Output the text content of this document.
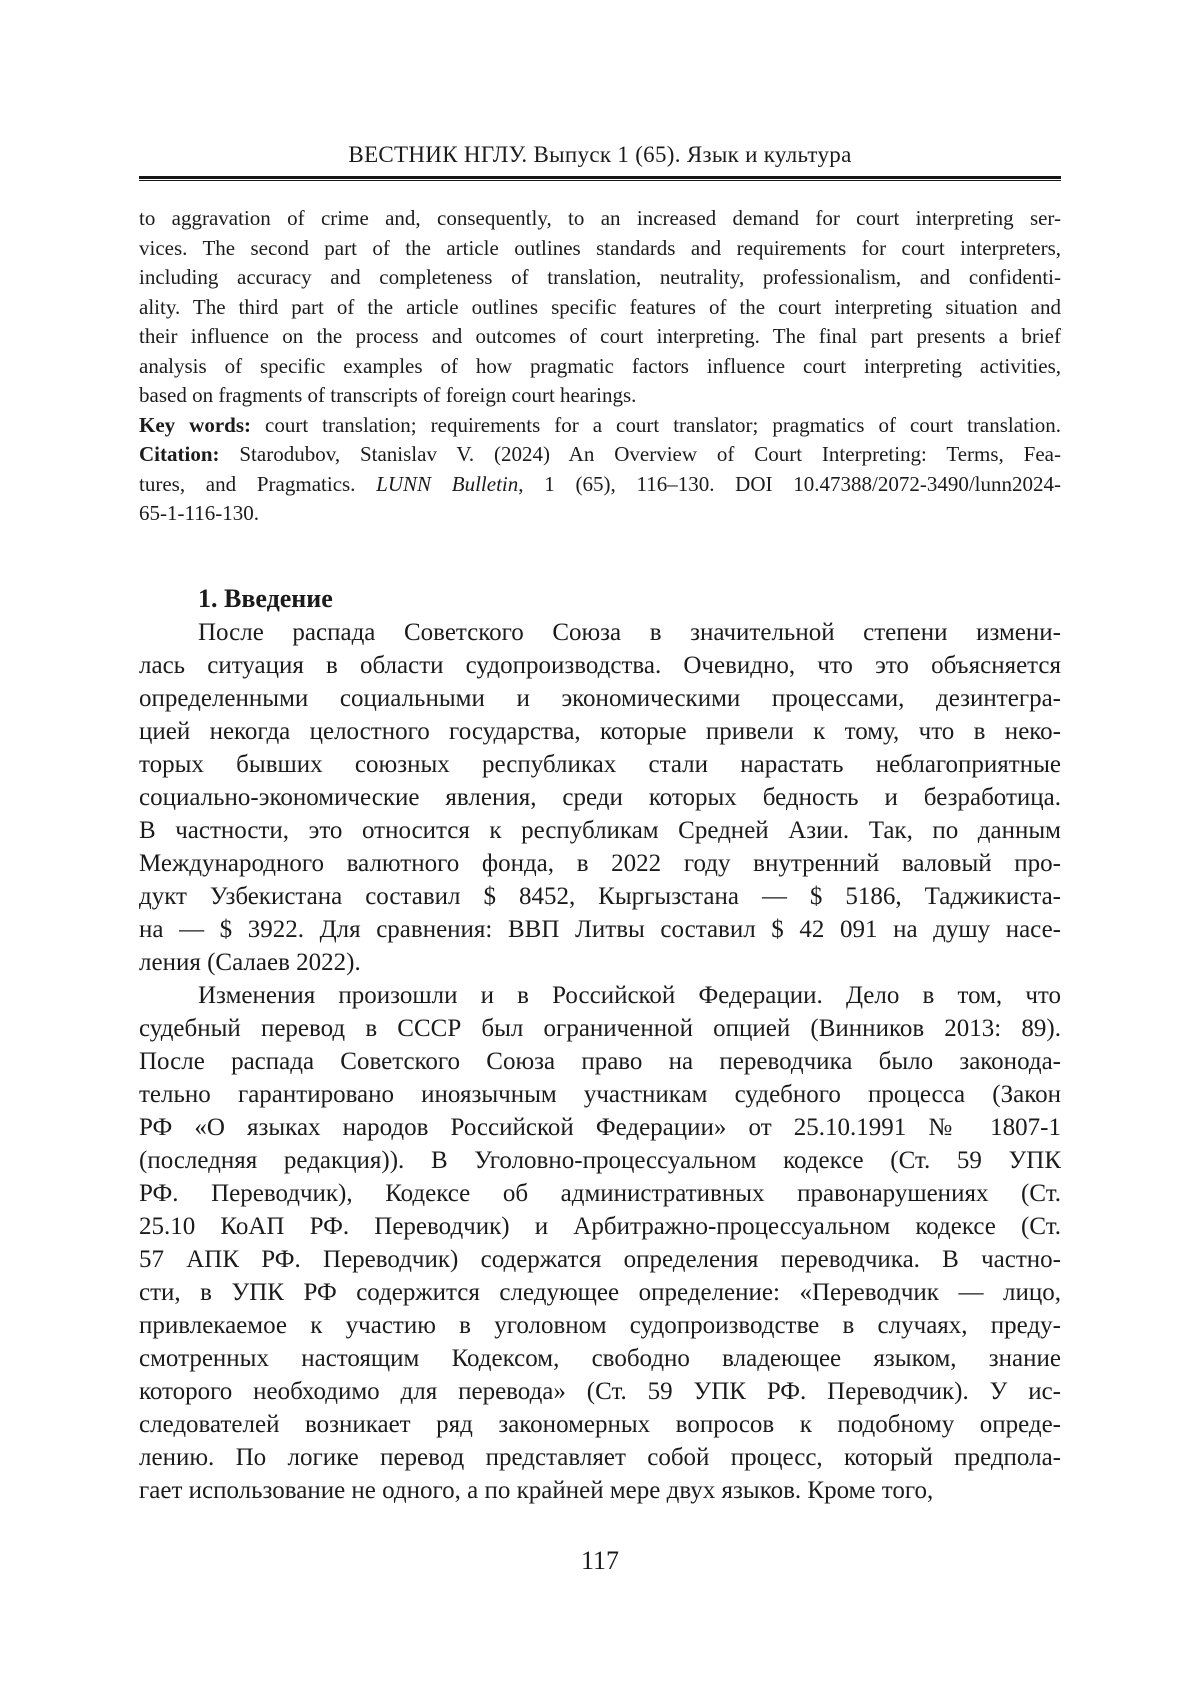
ВЕСТНИК НГЛУ. Выпуск 1 (65). Язык и культура
to aggravation of crime and, consequently, to an increased demand for court interpreting ser-
vices. The second part of the article outlines standards and requirements for court interpreters,
including accuracy and completeness of translation, neutrality, professionalism, and confidenti-
ality. The third part of the article outlines specific features of the court interpreting situation and
their influence on the process and outcomes of court interpreting. The final part presents a brief
analysis of specific examples of how pragmatic factors influence court interpreting activities,
based on fragments of transcripts of foreign court hearings.
Key words: court translation; requirements for a court translator; pragmatics of court translation.
Citation: Starodubov, Stanislav V. (2024) An Overview of Court Interpreting: Terms, Fea-
tures, and Pragmatics. LUNN Bulletin, 1 (65), 116–130. DOI 10.47388/2072-3490/lunn2024-
65-1-116-130.
1. Введение
После распада Советского Союза в значительной степени измени-
лась ситуация в области судопроизводства. Очевидно, что это объясняется
определенными социальными и экономическими процессами, дезинтегра-
цией некогда целостного государства, которые привели к тому, что в неко-
торых бывших союзных республиках стали нарастать неблагоприятные
социально-экономические явления, среди которых бедность и безработица.
В частности, это относится к республикам Средней Азии. Так, по данным
Международного валютного фонда, в 2022 году внутренний валовый про-
дукт Узбекистана составил $ 8452, Кыргызстана — $ 5186, Таджикиста-
на — $ 3922. Для сравнения: ВВП Литвы составил $ 42 091 на душу насе-
ления (Салаев 2022).
Изменения произошли и в Российской Федерации. Дело в том, что
судебный перевод в СССР был ограниченной опцией (Винников 2013: 89).
После распада Советского Союза право на переводчика было законода-
тельно гарантировано иноязычным участникам судебного процесса (Закон
РФ «О языках народов Российской Федерации» от 25.10.1991 № 1807-1
(последняя редакция)). В Уголовно-процессуальном кодексе (Ст. 59 УПК
РФ. Переводчик), Кодексе об административных правонарушениях (Ст.
25.10 КоАП РФ. Переводчик) и Арбитражно-процессуальном кодексе (Ст.
57 АПК РФ. Переводчик) содержатся определения переводчика. В частно-
сти, в УПК РФ содержится следующее определение: «Переводчик — лицо,
привлекаемое к участию в уголовном судопроизводстве в случаях, преду-
смотренных настоящим Кодексом, свободно владеющее языком, знание
которого необходимо для перевода» (Ст. 59 УПК РФ. Переводчик). У ис-
следователей возникает ряд закономерных вопросов к подобному опреде-
лению. По логике перевод представляет собой процесс, который предпола-
гает использование не одного, а по крайней мере двух языков. Кроме того,
117
